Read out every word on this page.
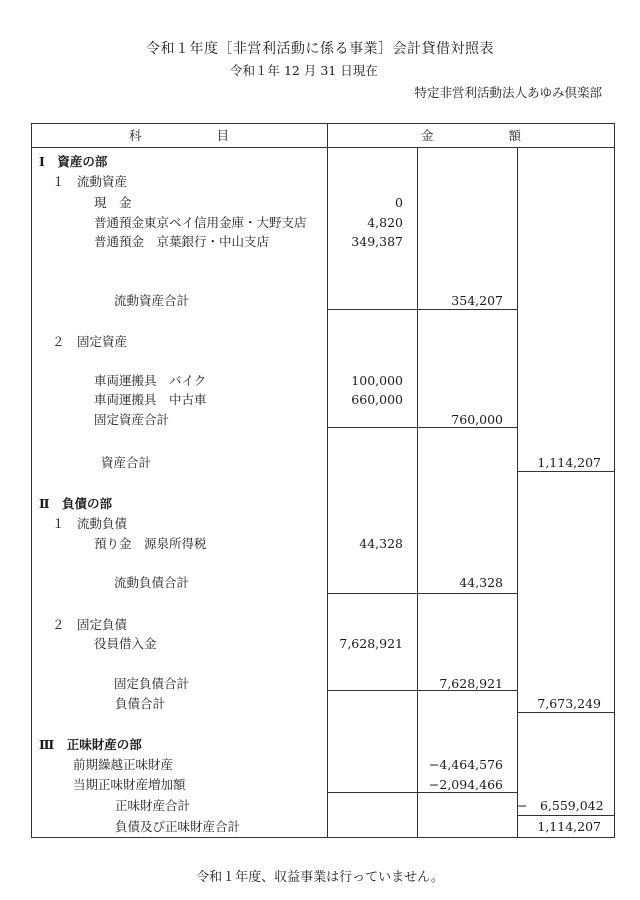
令和１年度［非営利活動に係る事業］会計貸借対照表
令和１年 12 月 31 日現在
特定非営利活動法人あゆみ倶楽部
科　　　　　　目	金　　　　　　額
Ⅰ　資産の部
１　流動資産
現　金	0
普通預金東京ベイ信用金庫・大野支店	4,820
普通預金　京葉銀行・中山支店	349,387
流動資産合計	354,207
２　固定資産
車両運搬具　バイク	100,000
車両運搬具　中古車	660,000
固定資産合計	760,000
資産合計	1,114,207
Ⅱ　負債の部
１　流動負債
預り金　源泉所得税	44,328
流動負債合計	44,328
２　固定負債
役員借入金	7,628,921
固定負債合計	7,628,921
負債合計	7,673,249
Ⅲ　正味財産の部
前期繰越正味財産	−4,464,576
当期正味財産増加額	−2,094,466
正味財産合計	−　6,559,042
負債及び正味財産合計	1,114,207
令和１年度、収益事業は行っていません。
